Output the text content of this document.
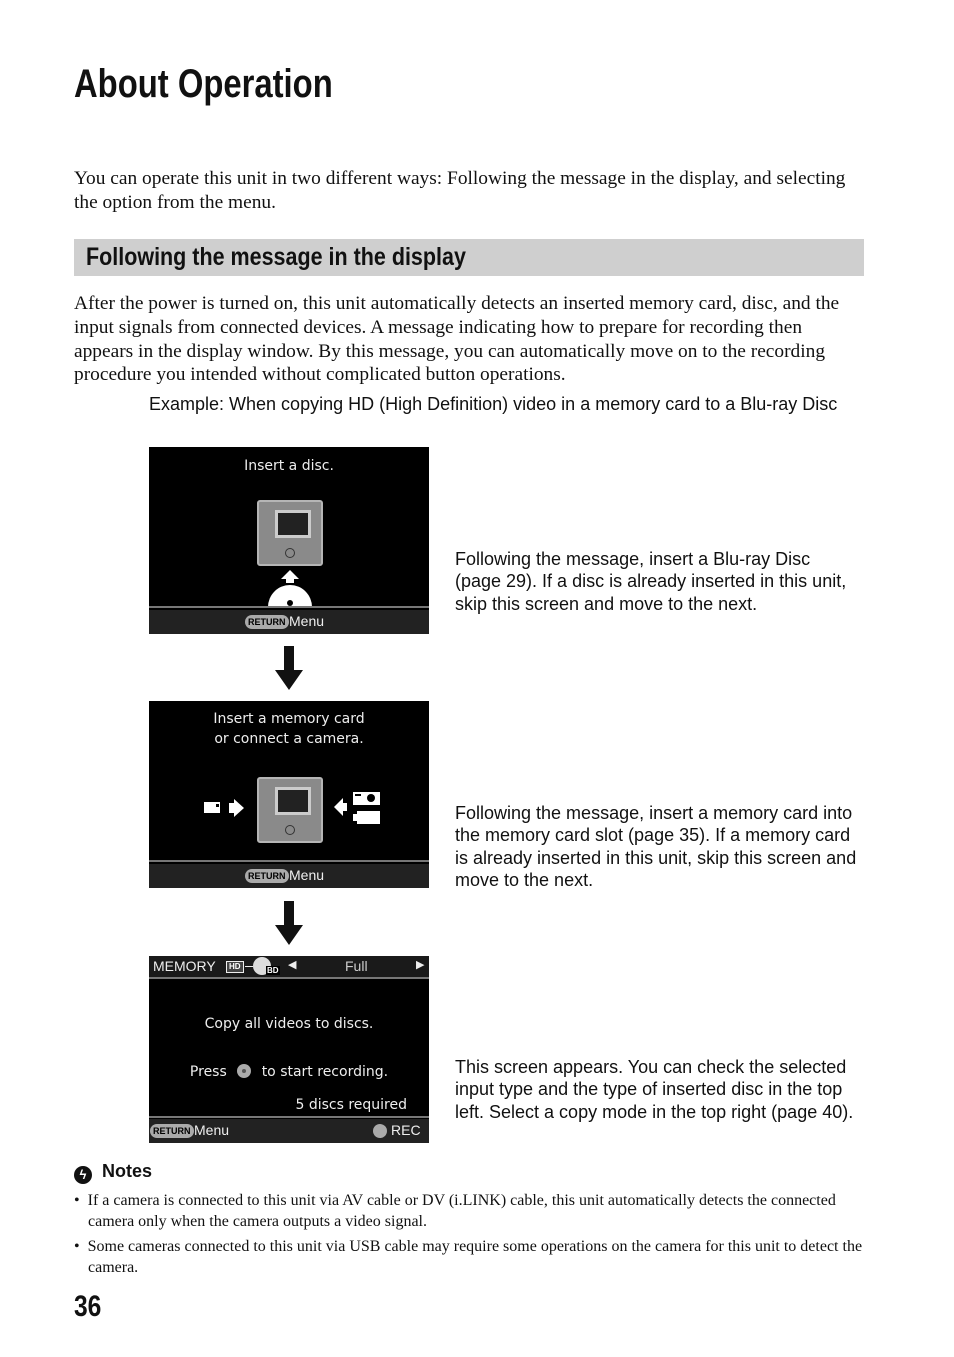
About Operation

You can operate this unit in two different ways: Following the message in the display, and selecting the option from the menu.

Following the message in the display

After the power is turned on, this unit automatically detects an inserted memory card, disc, and the input signals from connected devices. A message indicating how to prepare for recording then appears in the display window. By this message, you can automatically move on to the recording procedure you intended without complicated button operations.

Example: When copying HD (High Definition) video in a memory card to a Blu-ray Disc

Insert a disc.
RETURN Menu

Following the message, insert a Blu-ray Disc (page 29). If a disc is already inserted in this unit, skip this screen and move to the next.

Insert a memory card
or connect a camera.
RETURN Menu

Following the message, insert a memory card into the memory card slot (page 35). If a memory card is already inserted in this unit, skip this screen and move to the next.

MEMORY	HD	BD ◀	Full	▶
Copy all videos to discs.
Press to start recording.
5 discs required
RETURN Menu	REC

This screen appears. You can check the selected input type and the type of inserted disc in the top left. Select a copy mode in the top right (page 40).

ϟ Notes

•  If a camera is connected to this unit via AV cable or DV (i.LINK) cable, this unit automatically detects the connected camera only when the camera outputs a video signal.

•  Some cameras connected to this unit via USB cable may require some operations on the camera for this unit to detect the camera.

36
